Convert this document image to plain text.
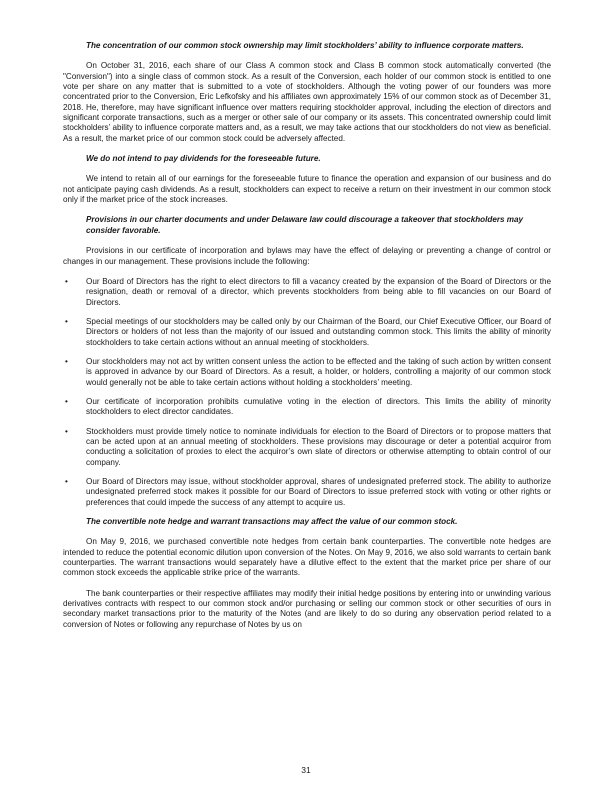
The concentration of our common stock ownership may limit stockholders’ ability to influence corporate matters.

On October 31, 2016, each share of our Class A common stock and Class B common stock automatically converted (the "Conversion") into a single class of common stock. As a result of the Conversion, each holder of our common stock is entitled to one vote per share on any matter that is submitted to a vote of stockholders. Although the voting power of our founders was more concentrated prior to the Conversion, Eric Lefkofsky and his affiliates own approximately 15% of our common stock as of December 31, 2018. He, therefore, may have significant influence over matters requiring stockholder approval, including the election of directors and significant corporate transactions, such as a merger or other sale of our company or its assets. This concentrated ownership could limit stockholders’ ability to influence corporate matters and, as a result, we may take actions that our stockholders do not view as beneficial. As a result, the market price of our common stock could be adversely affected.

We do not intend to pay dividends for the foreseeable future.

We intend to retain all of our earnings for the foreseeable future to finance the operation and expansion of our business and do not anticipate paying cash dividends. As a result, stockholders can expect to receive a return on their investment in our common stock only if the market price of the stock increases.

Provisions in our charter documents and under Delaware law could discourage a takeover that stockholders may consider favorable.

Provisions in our certificate of incorporation and bylaws may have the effect of delaying or preventing a change of control or changes in our management. These provisions include the following:

•	Our Board of Directors has the right to elect directors to fill a vacancy created by the expansion of the Board of Directors or the resignation, death or removal of a director, which prevents stockholders from being able to fill vacancies on our Board of Directors.
•	Special meetings of our stockholders may be called only by our Chairman of the Board, our Chief Executive Officer, our Board of Directors or holders of not less than the majority of our issued and outstanding common stock. This limits the ability of minority stockholders to take certain actions without an annual meeting of stockholders.
•	Our stockholders may not act by written consent unless the action to be effected and the taking of such action by written consent is approved in advance by our Board of Directors. As a result, a holder, or holders, controlling a majority of our common stock would generally not be able to take certain actions without holding a stockholders’ meeting.
•	Our certificate of incorporation prohibits cumulative voting in the election of directors. This limits the ability of minority stockholders to elect director candidates.
•	Stockholders must provide timely notice to nominate individuals for election to the Board of Directors or to propose matters that can be acted upon at an annual meeting of stockholders. These provisions may discourage or deter a potential acquiror from conducting a solicitation of proxies to elect the acquiror’s own slate of directors or otherwise attempting to obtain control of our company.
•	Our Board of Directors may issue, without stockholder approval, shares of undesignated preferred stock. The ability to authorize undesignated preferred stock makes it possible for our Board of Directors to issue preferred stock with voting or other rights or preferences that could impede the success of any attempt to acquire us.

The convertible note hedge and warrant transactions may affect the value of our common stock.

On May 9, 2016, we purchased convertible note hedges from certain bank counterparties. The convertible note hedges are intended to reduce the potential economic dilution upon conversion of the Notes. On May 9, 2016, we also sold warrants to certain bank counterparties. The warrant transactions would separately have a dilutive effect to the extent that the market price per share of our common stock exceeds the applicable strike price of the warrants.

The bank counterparties or their respective affiliates may modify their initial hedge positions by entering into or unwinding various derivatives contracts with respect to our common stock and/or purchasing or selling our common stock or other securities of ours in secondary market transactions prior to the maturity of the Notes (and are likely to do so during any observation period related to a conversion of Notes or following any repurchase of Notes by us on

31
